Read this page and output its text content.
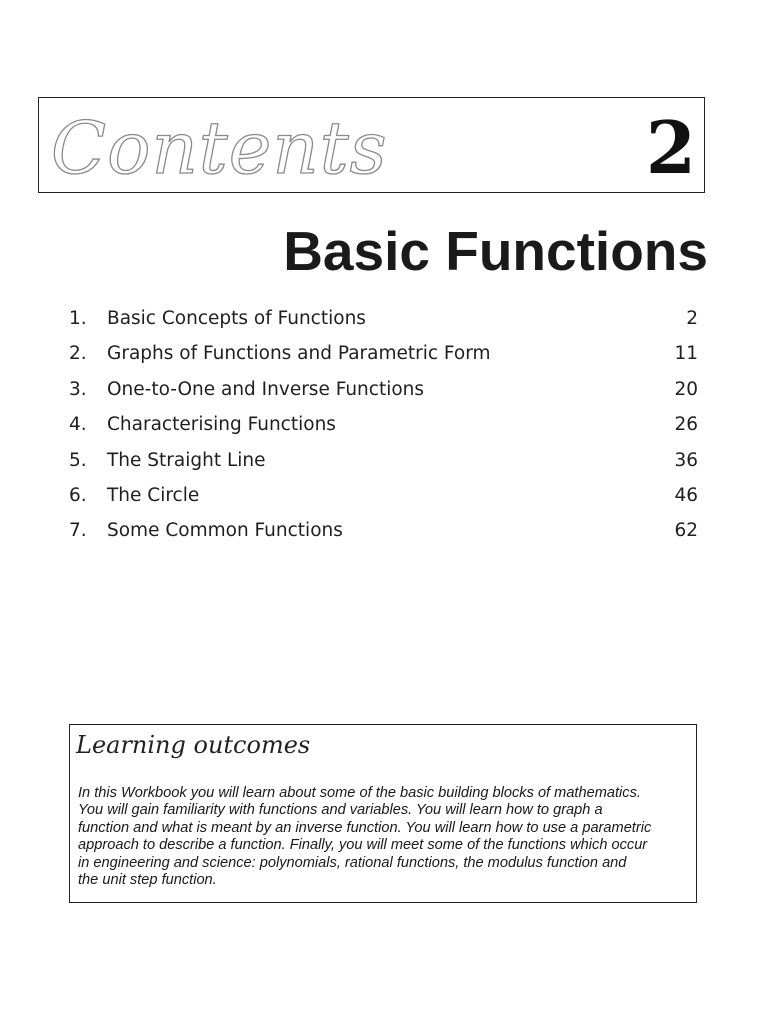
Contents	2
Basic Functions
1. Basic Concepts of Functions	2
2. Graphs of Functions and Parametric Form	11
3. One-to-One and Inverse Functions	20
4. Characterising Functions	26
5. The Straight Line	36
6. The Circle	46
7. Some Common Functions	62
Learning outcomes
In this Workbook you will learn about some of the basic building blocks of mathematics.
You will gain familiarity with functions and variables. You will learn how to graph a
function and what is meant by an inverse function. You will learn how to use a parametric
approach to describe a function. Finally, you will meet some of the functions which occur
in engineering and science: polynomials, rational functions, the modulus function and
the unit step function.
